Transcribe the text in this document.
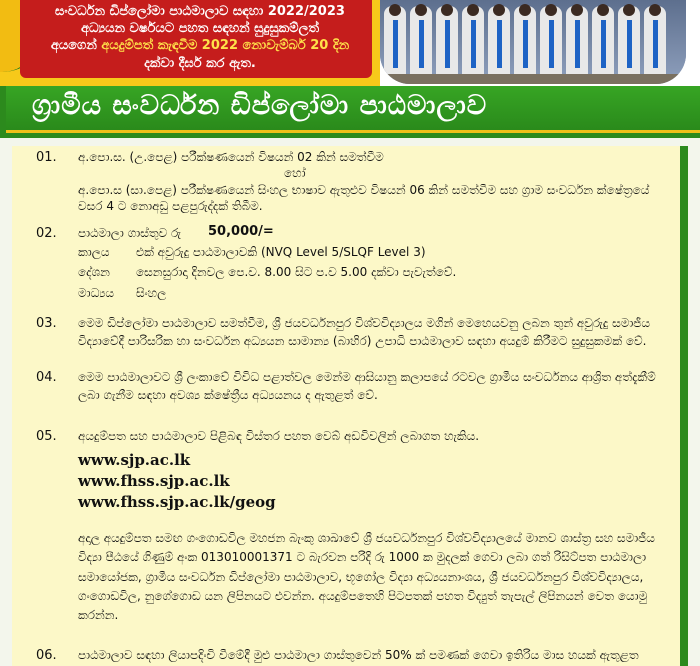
සංවර්ධන ඩිප්ලෝමා පාඨමාලාව සඳහා 2022/2023
අධ්‍යයන වර්ෂයට පහත සඳහන් සුදුසුකම්ලත්
අයගෙන් අයදුම්පත් කැඳවීම 2022 නොවැම්බර් 20 දින
දක්වා දීර්ඝ කර ඇත.
ග්‍රාමීය සංවර්ධන ඩිප්ලෝමා පාඨමාලාව
01. අ.පො.ස. (උ.පෙළ) පරීක්ෂණයෙන් විෂයන් 02 කින් සමත්වීම
හෝ
අ.පො.ස (සා.පෙළ) පරීක්ෂණයෙන් සිංහල භාෂාව ඇතුළුව විෂයන් 06 කින් සමත්වීම සහ ග්‍රාම සංවර්ධන ක්ෂේත්‍රයේ
වසර 4 ට නොඅඩු පළපුරුද්දක් තිබීම.
02. පාඨමාලා ගාස්තුව රු 50,000/=
කාලය එක් අවුරුදු පාඨමාලාවකි (NVQ Level 5/SLQF Level 3)
දේශන සෙනසුරාදා දිනවල පෙ.ව. 8.00 සිට ප.ව 5.00 දක්වා පැවැත්වේ.
මාධ්‍යය සිංහල
03. මෙම ඩිප්ලෝමා පාඨමාලාව සමත්වීම, ශ්‍රී ජයවර්ධනපුර විශ්වවිද්‍යාලය මගින් මෙහෙයවනු ලබන තුන් අවුරුදු සමාජීය
විද්‍යාවේදී පාරිසරික හා සංවර්ධන අධ්‍යයන සාමාන්‍ය (බාහිර) උපාධි පාඨමාලාව සඳහා අයදුම් කිරීමට සුදුසුකමක් වේ.
04. මෙම පාඨමාලාවට ශ්‍රී ලංකාවේ විවිධ පළාත්වල මෙන්ම ආසියානු කලාපයේ රටවල ග්‍රාමීය සංවර්ධනය ආශ්‍රිත අත්දැකීම්
ලබා ගැනීම සඳහා අවශ්‍ය ක්ෂේත්‍රීය අධ්‍යයනය ද ඇතුළත් වේ.
05. අයදුම්පත සහ පාඨමාලාව පිළිබඳ විස්තර පහත වෙබ් අඩවිවලින් ලබාගත හැකිය.
www.sjp.ac.lk
www.fhss.sjp.ac.lk
www.fhss.sjp.ac.lk/geog
අදාල අයදුම්පත සමඟ ගංගොඩවිල මහජන බැංකු ශාඛාවේ ශ්‍රී ජයවර්ධනපුර විශ්වවිද්‍යාලයේ මානව ශාස්ත්‍ර සහ සමාජීය
විද්‍යා පීඨයේ ගිණුම් අංක 013010001371 ට බැරවන පරිදි රු 1000 ක මුදලක් ගෙවා ලබා ගත් රිසිට්පත පාඨමාලා
සමායෝජක, ග්‍රාමීය සංවර්ධන ඩිප්ලෝමා පාඨමාලාව, භූගෝල විද්‍යා අධ්‍යයනාංශය, ශ්‍රී ජයවර්ධනපුර විශ්වවිද්‍යාලය,
ගංගොඩවිල, නුගේගොඩ යන ලිපිනයට එවන්න. අයදුම්පතෙහි පිටපතක් පහත විද්‍යුත් තැපැල් ලිපිනයන් වෙත යොමු
කරන්න.
06. පාඨමාලාව සඳහා ලියාපදිංචි වීමේදී මුළු පාඨමාලා ගාස්තුවෙන් 50% ක් පමණක් ගෙවා ඉතිරිය මාස හයක් ඇතුළත
